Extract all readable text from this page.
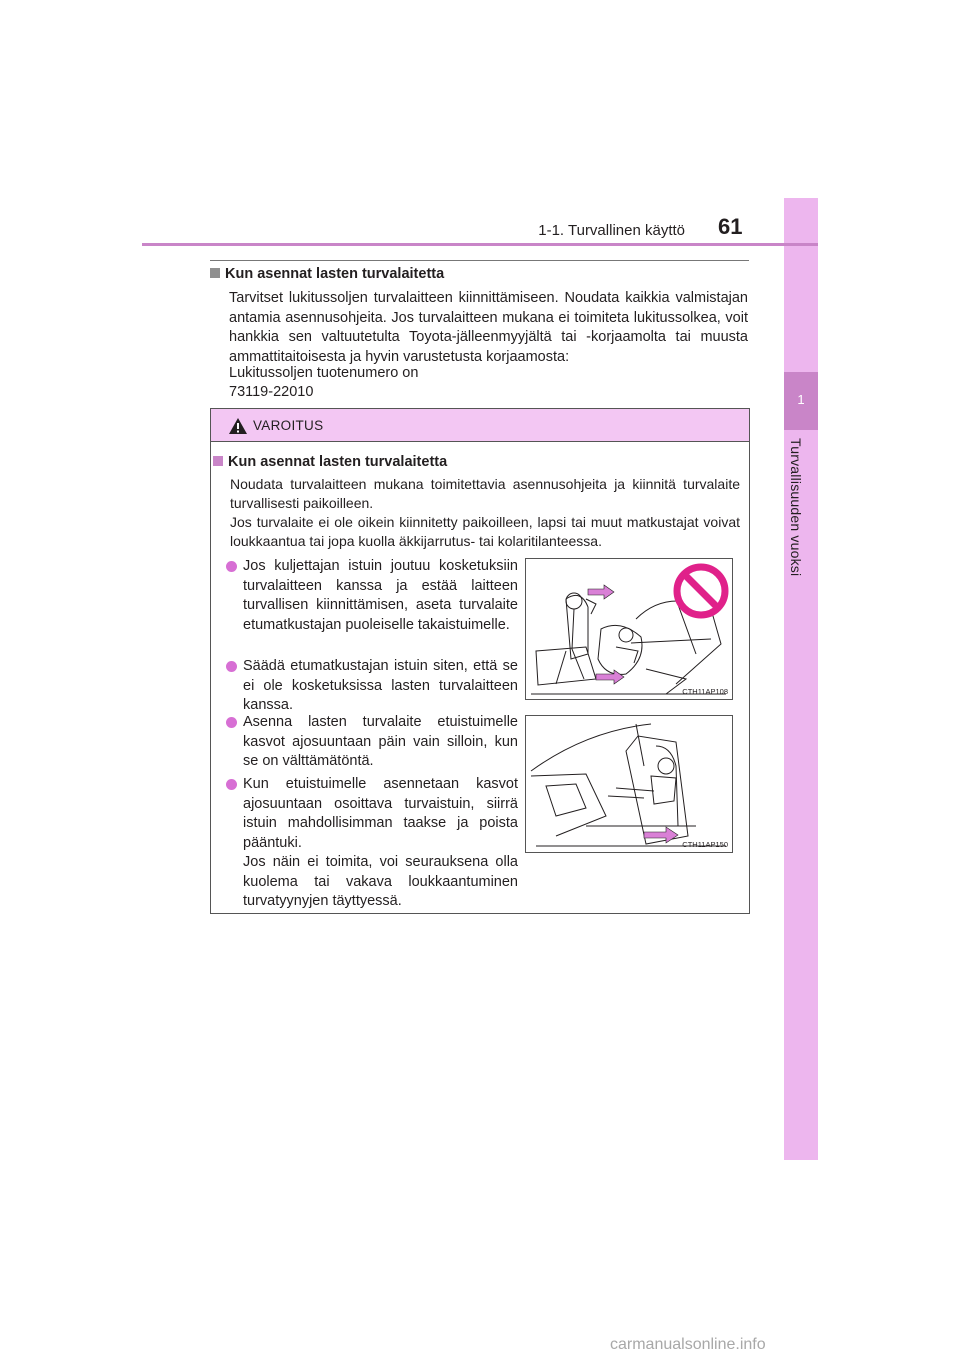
1
Turvallisuuden vuoksi
1-1. Turvallinen käyttö 61
Kun asennat lasten turvalaitetta
Tarvitset lukitussoljen turvalaitteen kiinnittämiseen. Noudata kaikkia valmistajan antamia asennusohjeita. Jos turvalaitteen mukana ei toimiteta lukitussolkea, voit hankkia sen valtuutetulta Toyota-jälleenmyyjältä tai -korjaamolta tai muusta ammattitaitoisesta ja hyvin varustetusta korjaamosta:
Lukitussoljen tuotenumero on
73119-22010
VAROITUS
Kun asennat lasten turvalaitetta

Noudata turvalaitteen mukana toimitettavia asennusohjeita ja kiinnitä turvalaite turvallisesti paikoilleen.

Jos turvalaite ei ole oikein kiinnitetty paikoilleen, lapsi tai muut matkustajat voivat loukkaantua tai jopa kuolla äkkijarrutus- tai kolaritilanteessa.

Jos kuljettajan istuin joutuu kosketuksiin turvalaitteen kanssa ja estää laitteen turvallisen kiinnittämisen, aseta turvalaite etumatkustajan puoleiselle takaistuimelle.
Säädä etumatkustajan istuin siten, että se ei ole kosketuksissa lasten turvalaitteen kanssa.
Asenna lasten turvalaite etuistuimelle kasvot ajosuuntaan päin vain silloin, kun se on välttämätöntä.
Kun etuistuimelle asennetaan kasvot ajosuuntaan osoittava turvaistuin, siirrä istuin mahdollisimman taakse ja poista pääntuki.
Jos näin ei toimita, voi seurauksena olla kuolema tai vakava loukkaantuminen turvatyynyjen täyttyessä.
CTH11AP108
CTH11AP150
carmanualsonline.info
